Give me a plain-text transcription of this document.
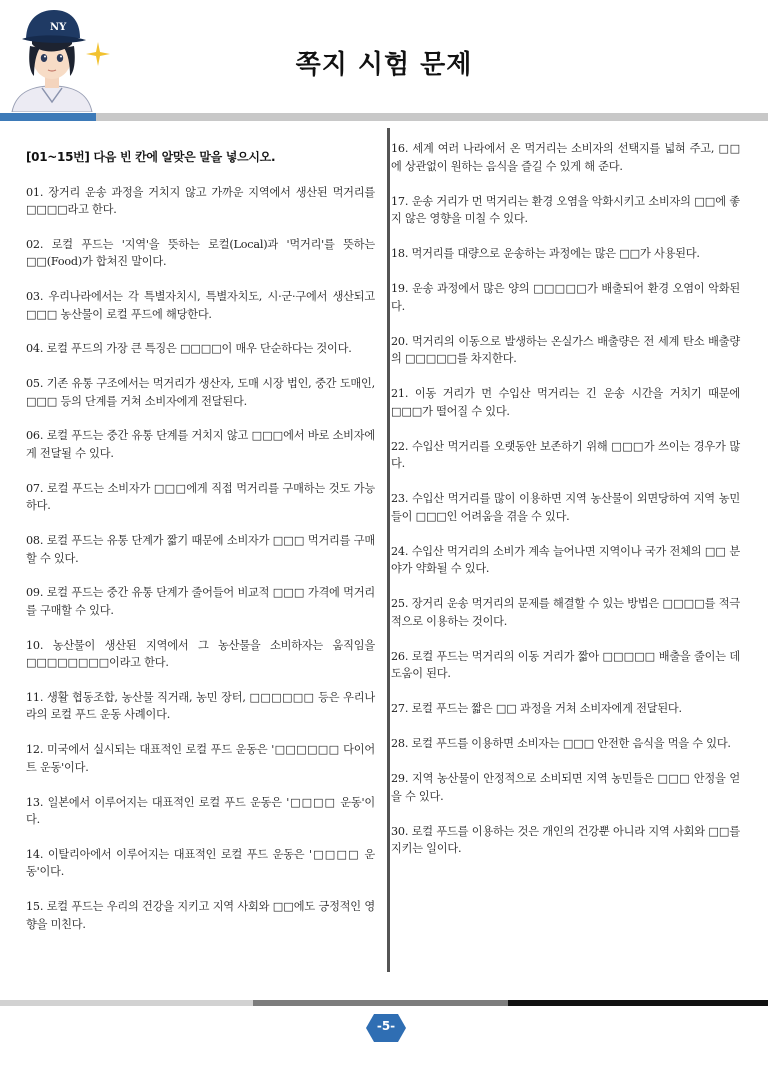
NY
쪽지 시험 문제
[01~15번] 다음 빈 칸에 알맞은 말을 넣으시오.
01. 장거리 운송 과정을 거치지 않고 가까운 지역에서 생산된 먹거리를 □□□□라고 한다.
02. 로컬 푸드는 '지역'을 뜻하는 로컬(Local)과 '먹거리'를 뜻하는 □□(Food)가 합쳐진 말이다.
03. 우리나라에서는 각 특별자치시, 특별자치도, 시·군·구에서 생산되고 □□□ 농산물이 로컬 푸드에 해당한다.
04. 로컬 푸드의 가장 큰 특징은 □□□□이 매우 단순하다는 것이다.
05. 기존 유통 구조에서는 먹거리가 생산자, 도매 시장 법인, 중간 도매인, □□□ 등의 단계를 거쳐 소비자에게 전달된다.
06. 로컬 푸드는 중간 유통 단계를 거치지 않고 □□□에서 바로 소비자에게 전달될 수 있다.
07. 로컬 푸드는 소비자가 □□□에게 직접 먹거리를 구매하는 것도 가능하다.
08. 로컬 푸드는 유통 단계가 짧기 때문에 소비자가 □□□ 먹거리를 구매할 수 있다.
09. 로컬 푸드는 중간 유통 단계가 줄어들어 비교적 □□□ 가격에 먹거리를 구매할 수 있다.
10. 농산물이 생산된 지역에서 그 농산물을 소비하자는 움직임을 □□□□□□□□이라고 한다.
11. 생활 협동조합, 농산물 직거래, 농민 장터, □□□□□□ 등은 우리나라의 로컬 푸드 운동 사례이다.
12. 미국에서 실시되는 대표적인 로컬 푸드 운동은 '□□□□□□ 다이어트 운동'이다.
13. 일본에서 이루어지는 대표적인 로컬 푸드 운동은 '□□□□ 운동'이다.
14. 이탈리아에서 이루어지는 대표적인 로컬 푸드 운동은 '□□□□ 운동'이다.
15. 로컬 푸드는 우리의 건강을 지키고 지역 사회와 □□에도 긍정적인 영향을 미친다.
16. 세계 여러 나라에서 온 먹거리는 소비자의 선택지를 넓혀 주고, □□에 상관없이 원하는 음식을 즐길 수 있게 해 준다.
17. 운송 거리가 먼 먹거리는 환경 오염을 악화시키고 소비자의 □□에 좋지 않은 영향을 미칠 수 있다.
18. 먹거리를 대량으로 운송하는 과정에는 많은 □□가 사용된다.
19. 운송 과정에서 많은 양의 □□□□□가 배출되어 환경 오염이 악화된다.
20. 먹거리의 이동으로 발생하는 온실가스 배출량은 전 세계 탄소 배출량의 □□□□□를 차지한다.
21. 이동 거리가 먼 수입산 먹거리는 긴 운송 시간을 거치기 때문에 □□□가 떨어질 수 있다.
22. 수입산 먹거리를 오랫동안 보존하기 위해 □□□가 쓰이는 경우가 많다.
23. 수입산 먹거리를 많이 이용하면 지역 농산물이 외면당하여 지역 농민들이 □□□인 어려움을 겪을 수 있다.
24. 수입산 먹거리의 소비가 계속 늘어나면 지역이나 국가 전체의 □□ 분야가 약화될 수 있다.
25. 장거리 운송 먹거리의 문제를 해결할 수 있는 방법은 □□□□를 적극적으로 이용하는 것이다.
26. 로컬 푸드는 먹거리의 이동 거리가 짧아 □□□□□ 배출을 줄이는 데 도움이 된다.
27. 로컬 푸드는 짧은 □□ 과정을 거쳐 소비자에게 전달된다.
28. 로컬 푸드를 이용하면 소비자는 □□□ 안전한 음식을 먹을 수 있다.
29. 지역 농산물이 안정적으로 소비되면 지역 농민들은 □□□ 안정을 얻을 수 있다.
30. 로컬 푸드를 이용하는 것은 개인의 건강뿐 아니라 지역 사회와 □□를 지키는 일이다.
-5-
